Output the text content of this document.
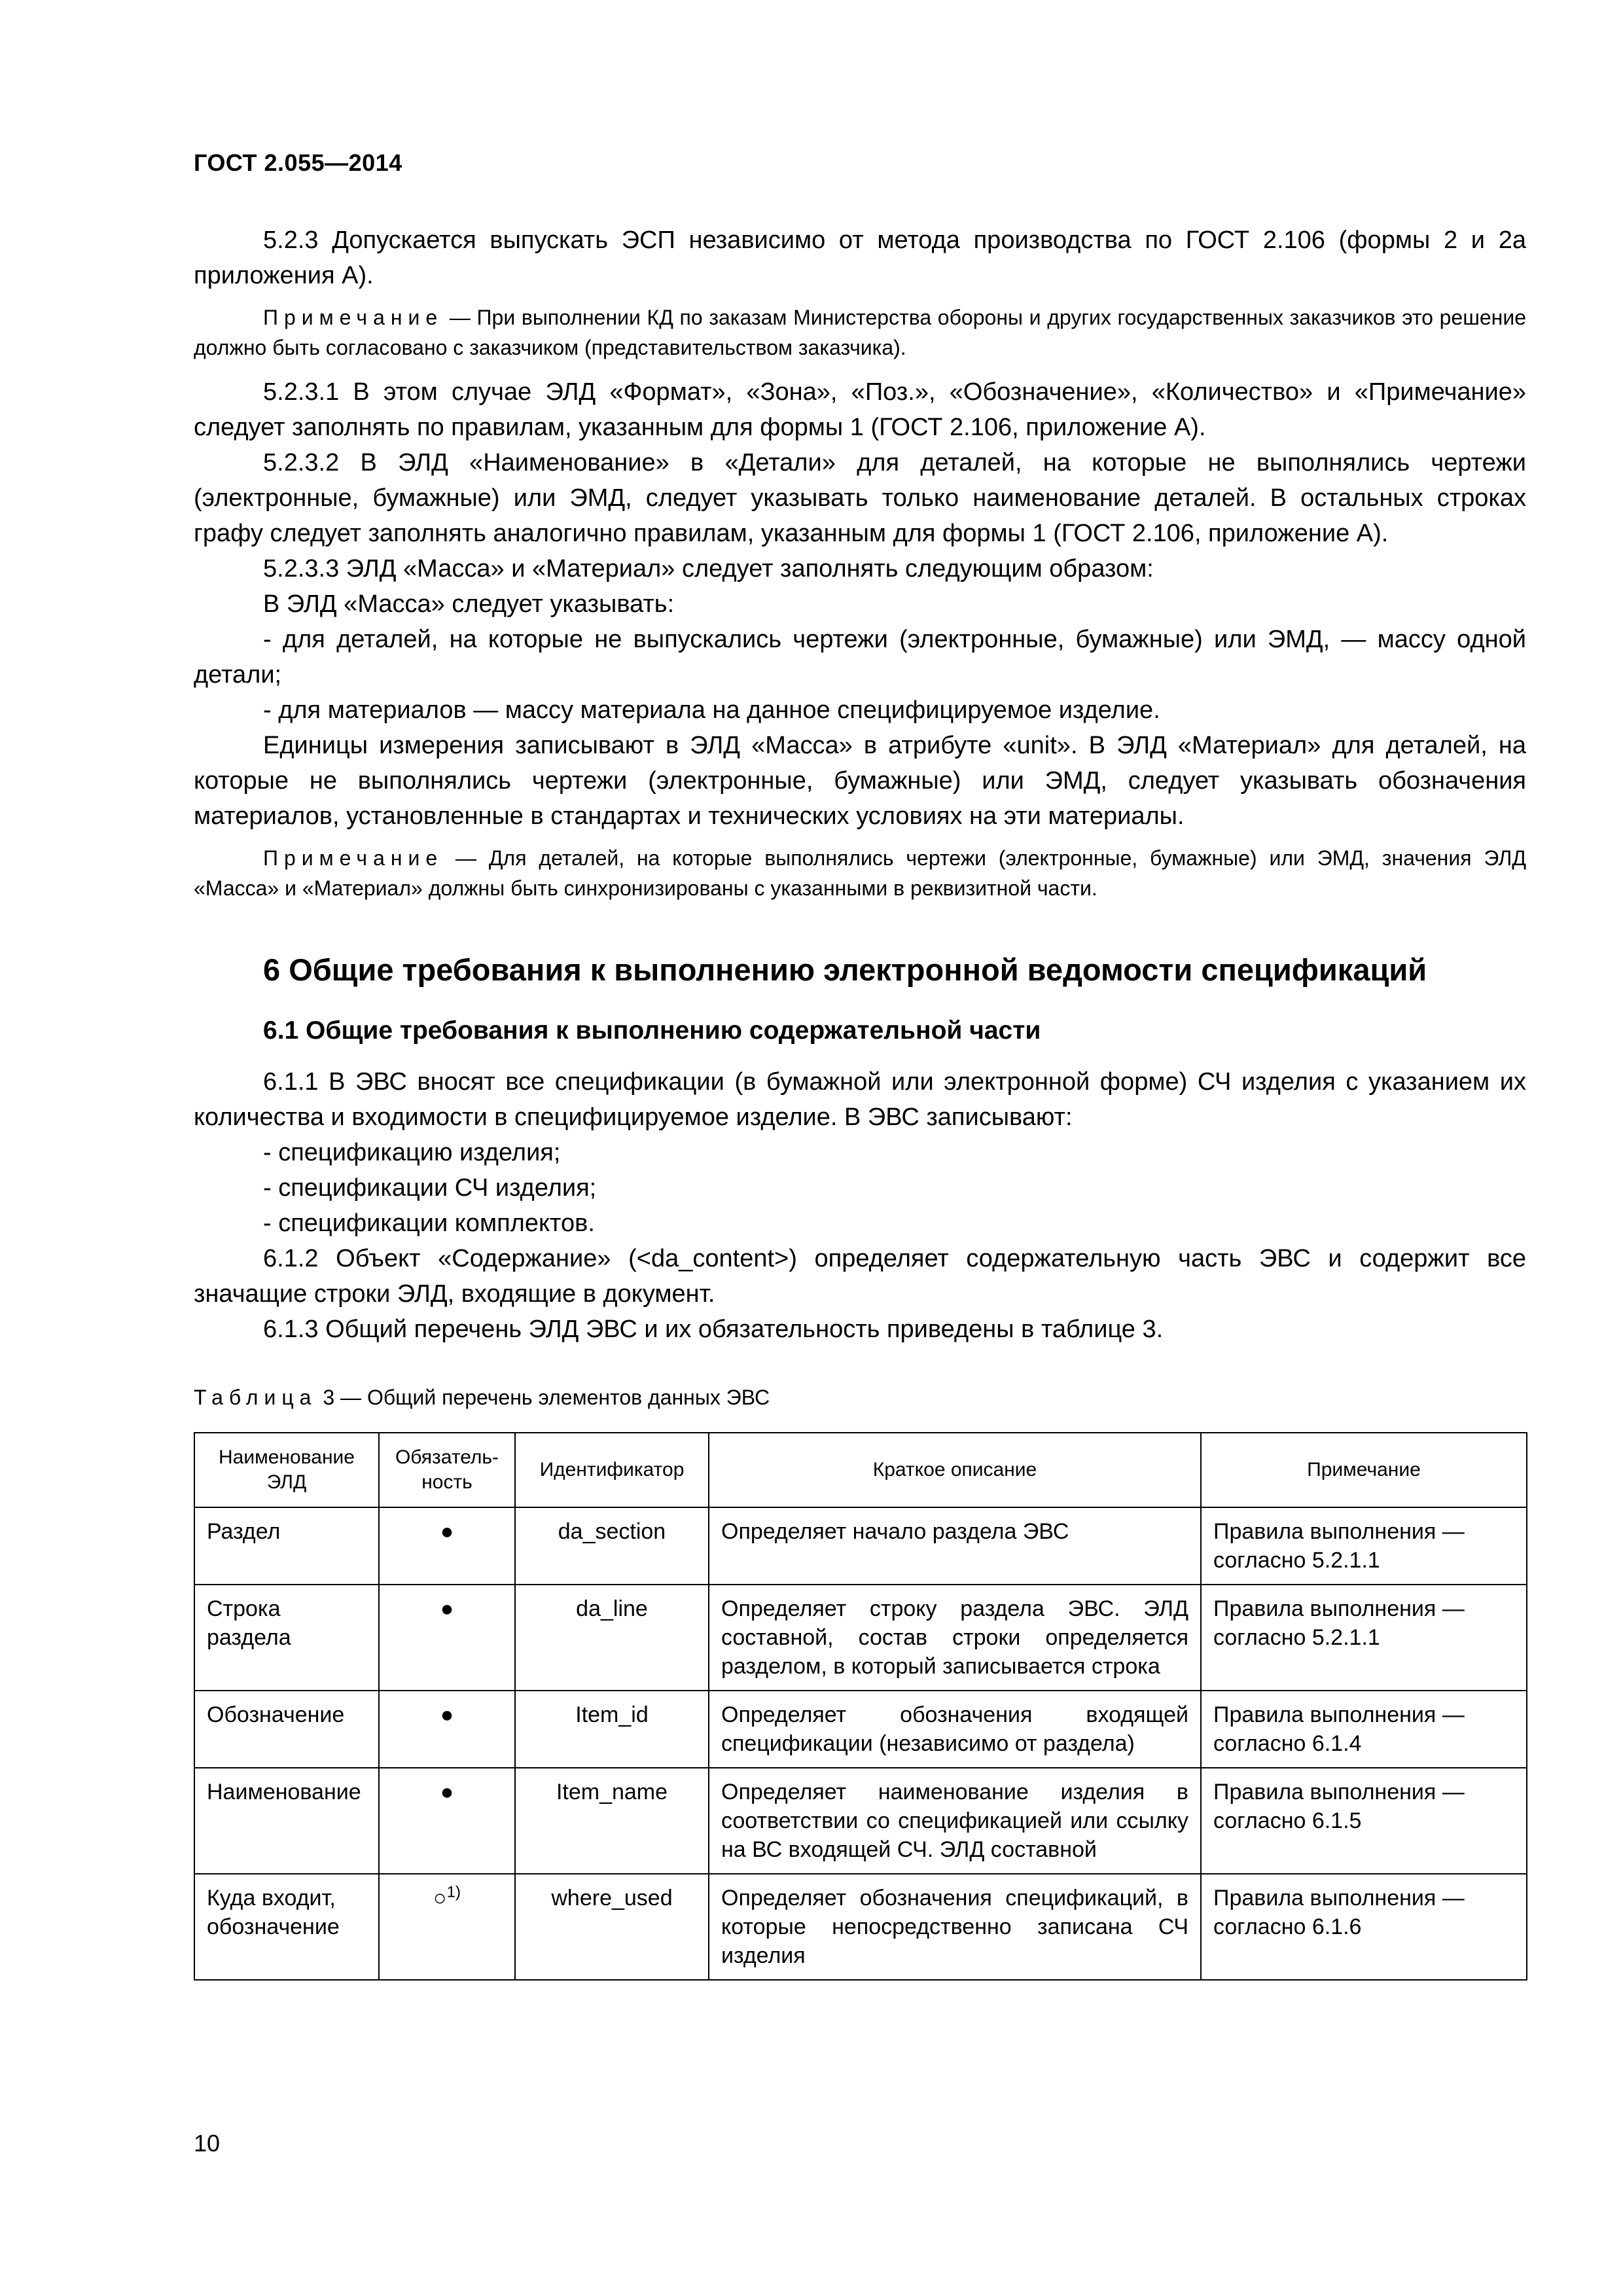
ГОСТ 2.055—2014

5.2.3 Допускается выпускать ЭСП независимо от метода производства по ГОСТ 2.106 (формы 2 и 2а приложения А).

Примечание — При выполнении КД по заказам Министерства обороны и других государственных заказчиков это решение должно быть согласовано с заказчиком (представительством заказчика).

5.2.3.1 В этом случае ЭЛД «Формат», «Зона», «Поз.», «Обозначение», «Количество» и «Примечание» следует заполнять по правилам, указанным для формы 1 (ГОСТ 2.106, приложение А).

5.2.3.2 В ЭЛД «Наименование» в «Детали» для деталей, на которые не выполнялись чертежи (электронные, бумажные) или ЭМД, следует указывать только наименование деталей. В остальных строках графу следует заполнять аналогично правилам, указанным для формы 1 (ГОСТ 2.106, приложение А).

5.2.3.3 ЭЛД «Масса» и «Материал» следует заполнять следующим образом:

В ЭЛД «Масса» следует указывать:

- для деталей, на которые не выпускались чертежи (электронные, бумажные) или ЭМД, — массу одной детали;

- для материалов — массу материала на данное специфицируемое изделие.

Единицы измерения записывают в ЭЛД «Масса» в атрибуте «unit». В ЭЛД «Материал» для деталей, на которые не выполнялись чертежи (электронные, бумажные) или ЭМД, следует указывать обозначения материалов, установленные в стандартах и технических условиях на эти материалы.

Примечание — Для деталей, на которые выполнялись чертежи (электронные, бумажные) или ЭМД, значения ЭЛД «Масса» и «Материал» должны быть синхронизированы с указанными в реквизитной части.

6 Общие требования к выполнению электронной ведомости спецификаций
6.1 Общие требования к выполнению содержательной части

6.1.1 В ЭВС вносят все спецификации (в бумажной или электронной форме) СЧ изделия с указанием их количества и входимости в специфицируемое изделие. В ЭВС записывают:

- спецификацию изделия;

- спецификации СЧ изделия;

- спецификации комплектов.

6.1.2 Объект «Содержание» (<da_content>) определяет содержательную часть ЭВС и содержит все значащие строки ЭЛД, входящие в документ.

6.1.3 Общий перечень ЭЛД ЭВС и их обязательность приведены в таблице 3.

Таблица 3 — Общий перечень элементов данных ЭВС

Наименование ЭЛД	Обязатель-ность	Идентификатор	Краткое описание	Примечание
Раздел	●	da_section	Определяет начало раздела ЭВС	Правила выполнения — согласно 5.2.1.1
Строка раздела	●	da_line	Определяет строку раздела ЭВС. ЭЛД составной, состав строки определяется разделом, в который записывается строка	Правила выполнения — согласно 5.2.1.1
Обозначение	●	Item_id	Определяет обозначения входящей спецификации (независимо от раздела)	Правила выполнения — согласно 6.1.4
Наименование	●	Item_name	Определяет наименование изделия в соответствии со спецификацией или ссылку на ВС входящей СЧ. ЭЛД составной	Правила выполнения — согласно 6.1.5
Куда входит, обозначение	○$^{1)}$	where_used	Определяет обозначения спецификаций, в которые непосредственно записана СЧ изделия	Правила выполнения — согласно 6.1.6
10
